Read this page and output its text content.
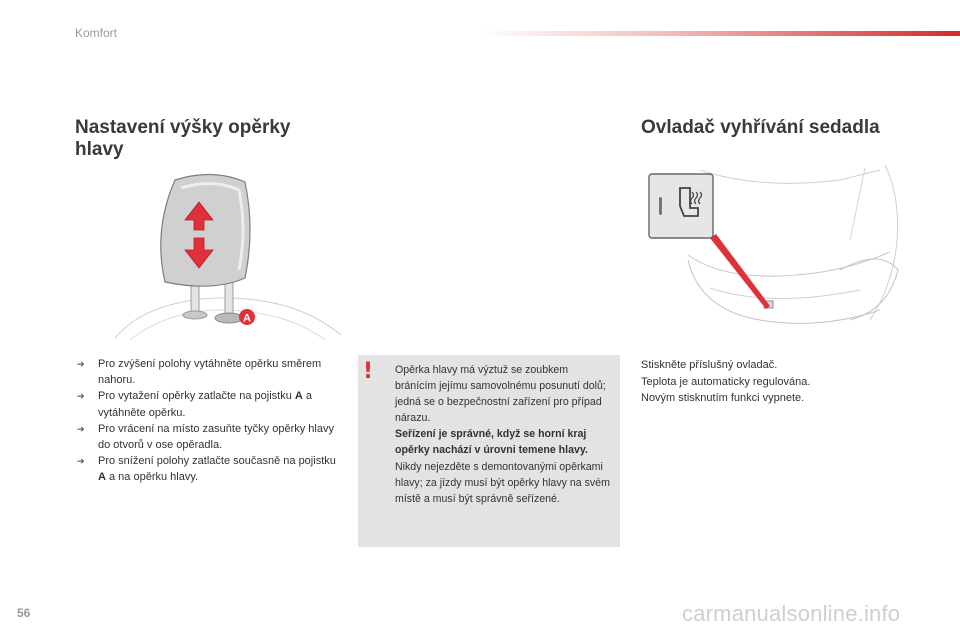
Komfort
Nastavení výšky opěrky hlavy
Ovladač vyhřívání sedadla
A
➔ Pro zvýšení polohy vytáhněte opěrku směrem nahoru.
➔ Pro vytažení opěrky zatlačte na pojistku A a vytáhněte opěrku.
➔ Pro vrácení na místo zasuňte tyčky opěrky hlavy do otvorů v ose opěradla.
➔ Pro snížení polohy zatlačte současně na pojistku A a na opěrku hlavy.

Opěrka hlavy má výztuž se zoubkem bránícím jejímu samovolnému posunutí dolů; jedná se o bezpečnostní zařízení pro případ nárazu.

Seřízení je správné, když se horní kraj opěrky nachází v úrovni temene hlavy.

Nikdy nejezděte s demontovanými opěrkami hlavy; za jízdy musí být opěrky hlavy na svém místě a musí být správně seřízené.

!	Stiskněte příslušný ovladač.

Teplota je automaticky regulována.

Novým stisknutím funkci vypnete.

56	carmanualsonline.info
